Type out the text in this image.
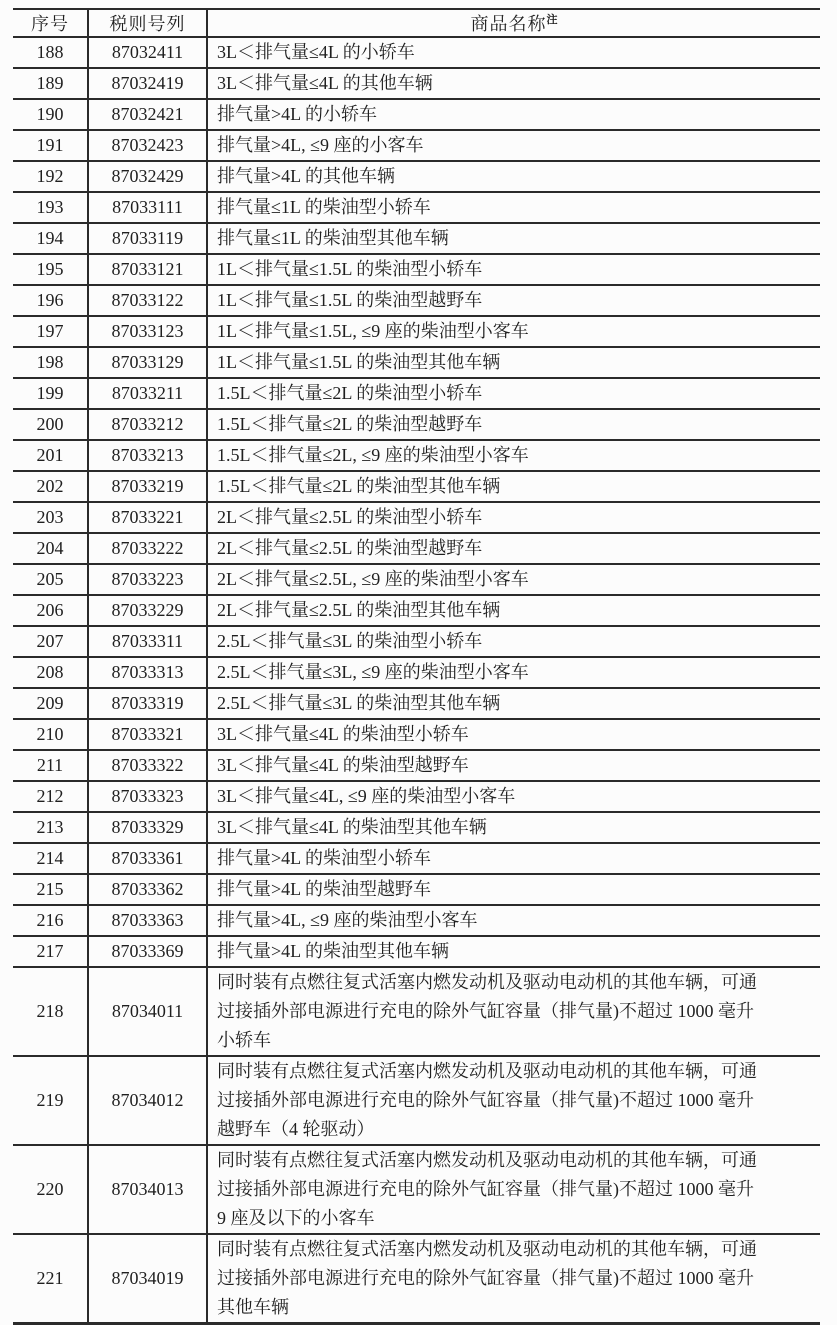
序号	税则号列	商品名称$^注$
188	87032411	3L＜排气量≤4L 的小轿车
189	87032419	3L＜排气量≤4L 的其他车辆
190	87032421	排气量>4L 的小轿车
191	87032423	排气量>4L, ≤9 座的小客车
192	87032429	排气量>4L 的其他车辆
193	87033111	排气量≤1L 的柴油型小轿车
194	87033119	排气量≤1L 的柴油型其他车辆
195	87033121	1L＜排气量≤1.5L 的柴油型小轿车
196	87033122	1L＜排气量≤1.5L 的柴油型越野车
197	87033123	1L＜排气量≤1.5L, ≤9 座的柴油型小客车
198	87033129	1L＜排气量≤1.5L 的柴油型其他车辆
199	87033211	1.5L＜排气量≤2L 的柴油型小轿车
200	87033212	1.5L＜排气量≤2L 的柴油型越野车
201	87033213	1.5L＜排气量≤2L, ≤9 座的柴油型小客车
202	87033219	1.5L＜排气量≤2L 的柴油型其他车辆
203	87033221	2L＜排气量≤2.5L 的柴油型小轿车
204	87033222	2L＜排气量≤2.5L 的柴油型越野车
205	87033223	2L＜排气量≤2.5L, ≤9 座的柴油型小客车
206	87033229	2L＜排气量≤2.5L 的柴油型其他车辆
207	87033311	2.5L＜排气量≤3L 的柴油型小轿车
208	87033313	2.5L＜排气量≤3L, ≤9 座的柴油型小客车
209	87033319	2.5L＜排气量≤3L 的柴油型其他车辆
210	87033321	3L＜排气量≤4L 的柴油型小轿车
211	87033322	3L＜排气量≤4L 的柴油型越野车
212	87033323	3L＜排气量≤4L, ≤9 座的柴油型小客车
213	87033329	3L＜排气量≤4L 的柴油型其他车辆
214	87033361	排气量>4L 的柴油型小轿车
215	87033362	排气量>4L 的柴油型越野车
216	87033363	排气量>4L, ≤9 座的柴油型小客车
217	87033369	排气量>4L 的柴油型其他车辆
218	87034011	同时装有点燃往复式活塞内燃发动机及驱动电动机的其他车辆，可通
过接插外部电源进行充电的除外气缸容量（排气量)不超过 1000 毫升
小轿车
219	87034012	同时装有点燃往复式活塞内燃发动机及驱动电动机的其他车辆，可通
过接插外部电源进行充电的除外气缸容量（排气量)不超过 1000 毫升
越野车（4 轮驱动）
220	87034013	同时装有点燃往复式活塞内燃发动机及驱动电动机的其他车辆，可通
过接插外部电源进行充电的除外气缸容量（排气量)不超过 1000 毫升
9 座及以下的小客车
221	87034019	同时装有点燃往复式活塞内燃发动机及驱动电动机的其他车辆，可通
过接插外部电源进行充电的除外气缸容量（排气量)不超过 1000 毫升
其他车辆
